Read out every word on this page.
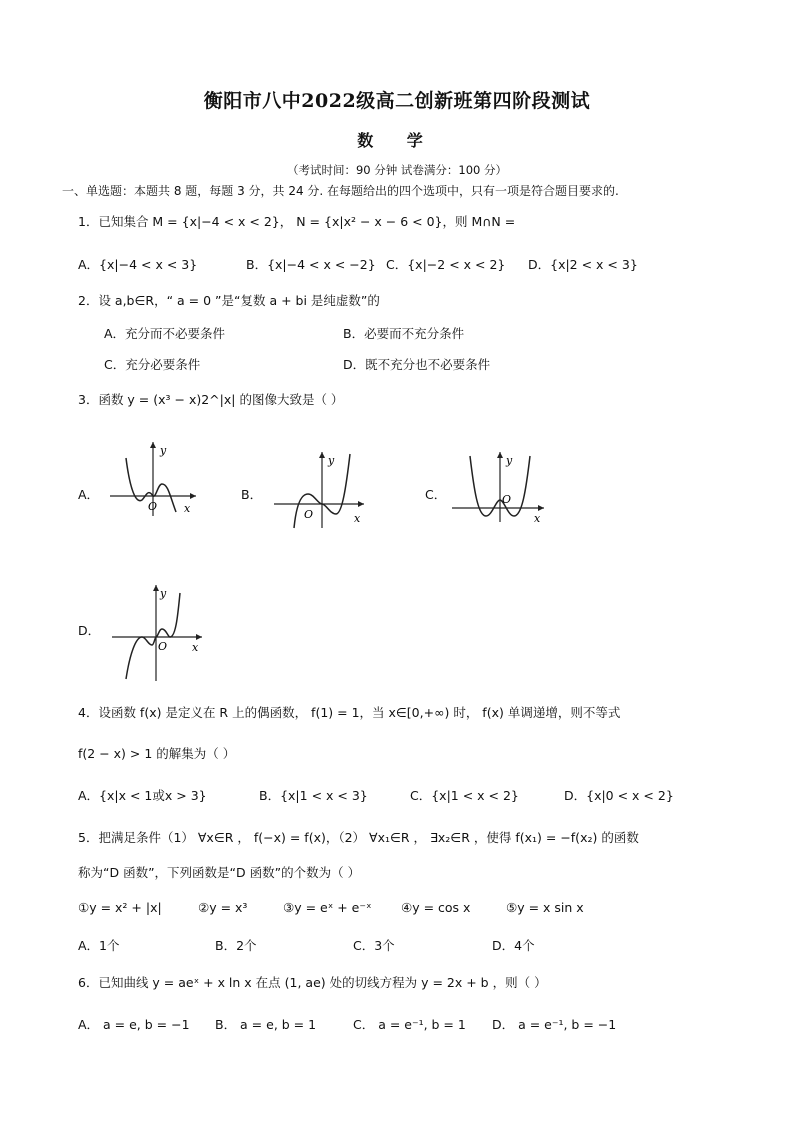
衡阳市八中2022级高二创新班第四阶段测试
数 学
（考试时间：90 分钟 试卷满分：100 分）
一、单选题：本题共 8 题，每题 3 分，共 24 分. 在每题给出的四个选项中，只有一项是符合题目要求的.
1．已知集合 M = {x|−4 < x < 2}， N = {x|x² − x − 6 < 0}，则 M∩N =
A．{x|−4 < x < 3}	B．{x|−4 < x < −2} C．{x|−2 < x < 2} D．{x|2 < x < 3}
2．设 a,b∈R，“ a = 0 ”是“复数 a + bi 是纯虚数”的
A．充分而不必要条件	B．必要而不充分条件
C．充分必要条件	D．既不充分也不必要条件
3．函数 y = (x³ − x)2^|x| 的图像大致是（ ）
A．
y
x
O
B．
y
x
O
C．
y
x
O
D．
y
x
O
4．设函数 f(x) 是定义在 R 上的偶函数， f(1) = 1，当 x∈[0,+∞) 时， f(x) 单调递增，则不等式
f(2 − x) > 1 的解集为（ ）
A．{x|x < 1或x > 3}	B．{x|1 < x < 3}	C．{x|1 < x < 2}	D．{x|0 < x < 2}
5．把满足条件（1） ∀x∈R ， f(−x) = f(x)，（2） ∀x₁∈R ， ∃x₂∈R ，使得 f(x₁) = −f(x₂) 的函数
称为“D 函数”，下列函数是“D 函数”的个数为（ ）
①y = x² + |x|	②y = x³	③y = eˣ + e⁻ˣ ④y = cos x	⑤y = x sin x
A．1个	B．2个	C．3个	D．4个
6．已知曲线 y = aeˣ + x ln x 在点 (1, ae) 处的切线方程为 y = 2x + b ，则（ ）
A． a = e, b = −1 B． a = e, b = 1	C． a = e⁻¹, b = 1 D． a = e⁻¹, b = −1
